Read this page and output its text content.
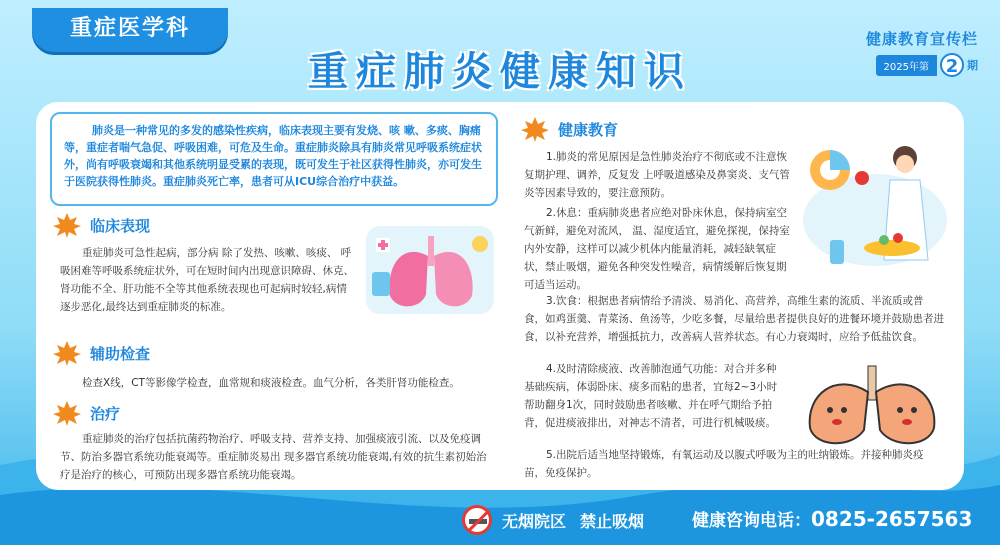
重症医学科
重症肺炎健康知识
健康教育宣传栏
2025年第 2 期

肺炎是一种常见的多发的感染性疾病，临床表现主要有发烧、咳 嗽、多痰、胸痛等，重症者喘气急促、呼吸困难，可危及生命。重症肺炎除具有肺炎常见呼吸系统症状外，尚有呼吸衰竭和其他系统明显受累的表现，既可发生于社区获得性肺炎，亦可发生于医院获得性肺炎。重症肺炎死亡率，患者可从ICU综合治疗中获益。

临床表现

重症肺炎可急性起病，部分病 除了发热、咳嗽、咳痰、 呼吸困难等呼吸系统症状外，可在短时间内出现意识障碍、休克、肾功能不全、肝功能不全等其他系统表现也可起病时较轻,病情逐步恶化,最终达到重症肺炎的标准。

辅助检查

检查X线，CT等影像学检查，血常规和痰液检查。血气分析，各类肝肾功能检查。

治疗

重症肺炎的治疗包括抗菌药物治疗、呼吸支持、营养支持、加强痰液引流、以及免疫调节、防治多器官系统功能衰竭等。重症肺炎易出 现多器官系统功能衰竭,有效的抗生素初始治疗是治疗的核心，可预防出现多器官系统功能衰竭。

健康教育

1.肺炎的常见原因是急性肺炎治疗不彻底或不注意恢复期护理、调养，反复发 上呼吸道感染及鼻窦炎、支气管炎等因素导致的，要注意预防。

2.休息：重病肺炎患者应绝对卧床休息，保持病室空气新鲜，避免对流风， 温、湿度适宜，避免探视，保持室内外安静，这样可以减少机体内能量消耗，减轻缺氧症状，禁止吸烟，避免各种突发性噪音，病情缓解后恢复期可适当运动。

3.饮食：根据患者病情给予清淡、易消化、高营养，高维生素的流质、半流质或普食，如鸡蛋羹、青菜汤、鱼汤等，少吃多餐，尽量给患者提供良好的进餐环境并鼓励患者进食，以补充营养，增强抵抗力，改善病人营养状态。有心力衰竭时，应给予低盐饮食。

4.及时清除痰液、改善肺泡通气功能：对合并多种基础疾病，体弱卧床、痰多而粘的患者，宜每2~3小时帮助翻身1次，同时鼓励患者咳嗽、并在呼气期给予拍背，促进痰液排出，对神志不清者，可进行机械吸痰。

5.出院后适当地坚持锻炼，有氧运动及以腹式呼吸为主的吐纳锻炼。并接种肺炎疫苗，免疫保护。

无烟院区 禁止吸烟	健康咨询电话：0825-2657563
